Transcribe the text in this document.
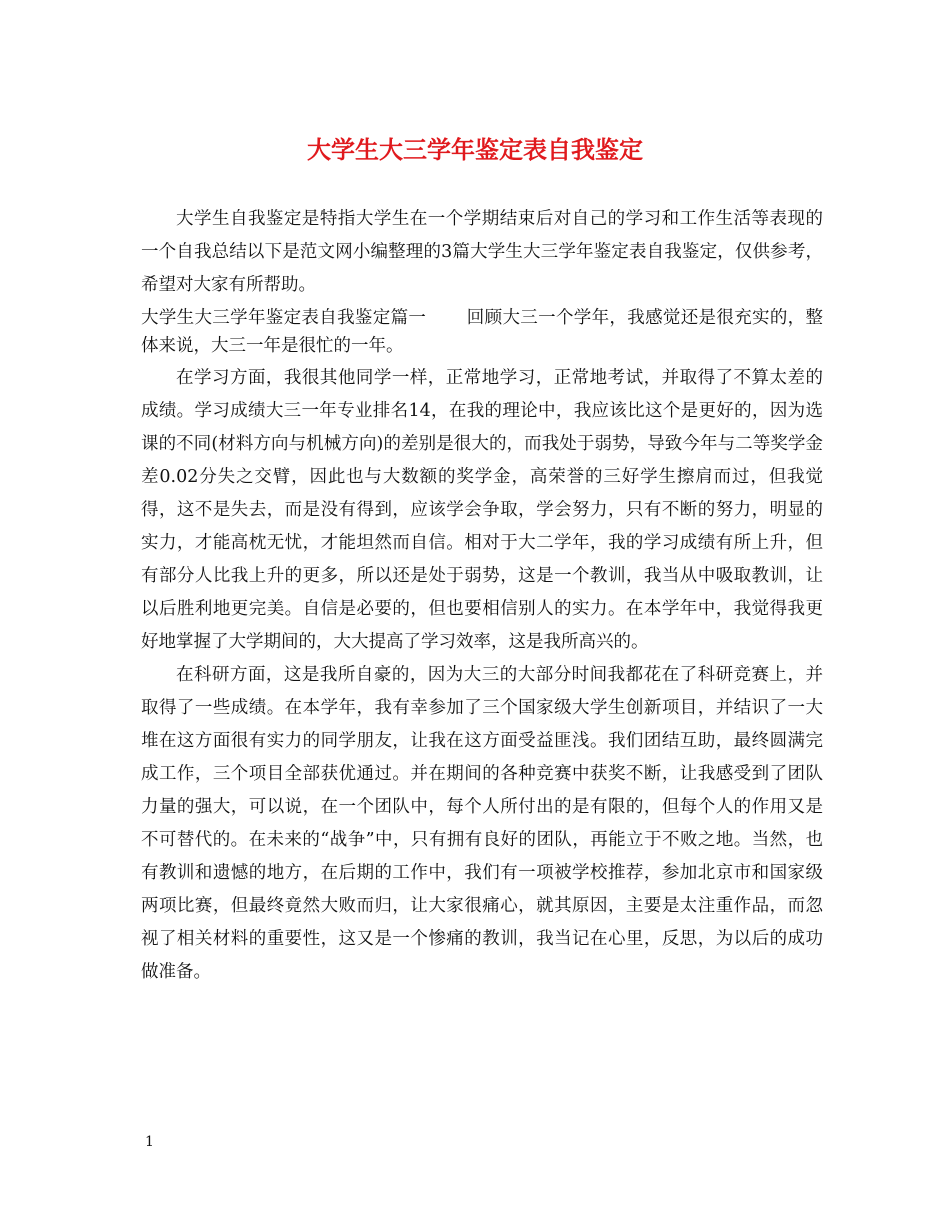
大学生大三学年鉴定表自我鉴定

大学生自我鉴定是特指大学生在一个学期结束后对自己的学习和工作生活等表现的一个自我总结以下是范文网小编整理的3篇大学生大三学年鉴定表自我鉴定，仅供参考，希望对大家有所帮助。

大学生大三学年鉴定表自我鉴定篇一 回顾大三一个学年，我感觉还是很充实的，整体来说，大三一年是很忙的一年。

在学习方面，我很其他同学一样，正常地学习，正常地考试，并取得了不算太差的成绩。学习成绩大三一年专业排名14，在我的理论中，我应该比这个是更好的，因为选课的不同(材料方向与机械方向)的差别是很大的，而我处于弱势，导致今年与二等奖学金差0.02分失之交臂，因此也与大数额的奖学金，高荣誉的三好学生擦肩而过，但我觉得，这不是失去，而是没有得到，应该学会争取，学会努力，只有不断的努力，明显的实力，才能高枕无忧，才能坦然而自信。相对于大二学年，我的学习成绩有所上升，但有部分人比我上升的更多，所以还是处于弱势，这是一个教训，我当从中吸取教训，让以后胜利地更完美。自信是必要的，但也要相信别人的实力。在本学年中，我觉得我更好地掌握了大学期间的，大大提高了学习效率，这是我所高兴的。

在科研方面，这是我所自豪的，因为大三的大部分时间我都花在了科研竞赛上，并取得了一些成绩。在本学年，我有幸参加了三个国家级大学生创新项目，并结识了一大堆在这方面很有实力的同学朋友，让我在这方面受益匪浅。我们团结互助，最终圆满完成工作，三个项目全部获优通过。并在期间的各种竞赛中获奖不断，让我感受到了团队力量的强大，可以说，在一个团队中，每个人所付出的是有限的，但每个人的作用又是不可替代的。在未来的“战争”中，只有拥有良好的团队，再能立于不败之地。当然，也有教训和遗憾的地方，在后期的工作中，我们有一项被学校推荐，参加北京市和国家级两项比赛，但最终竟然大败而归，让大家很痛心，就其原因，主要是太注重作品，而忽视了相关材料的重要性，这又是一个惨痛的教训，我当记在心里，反思，为以后的成功做准备。

1
